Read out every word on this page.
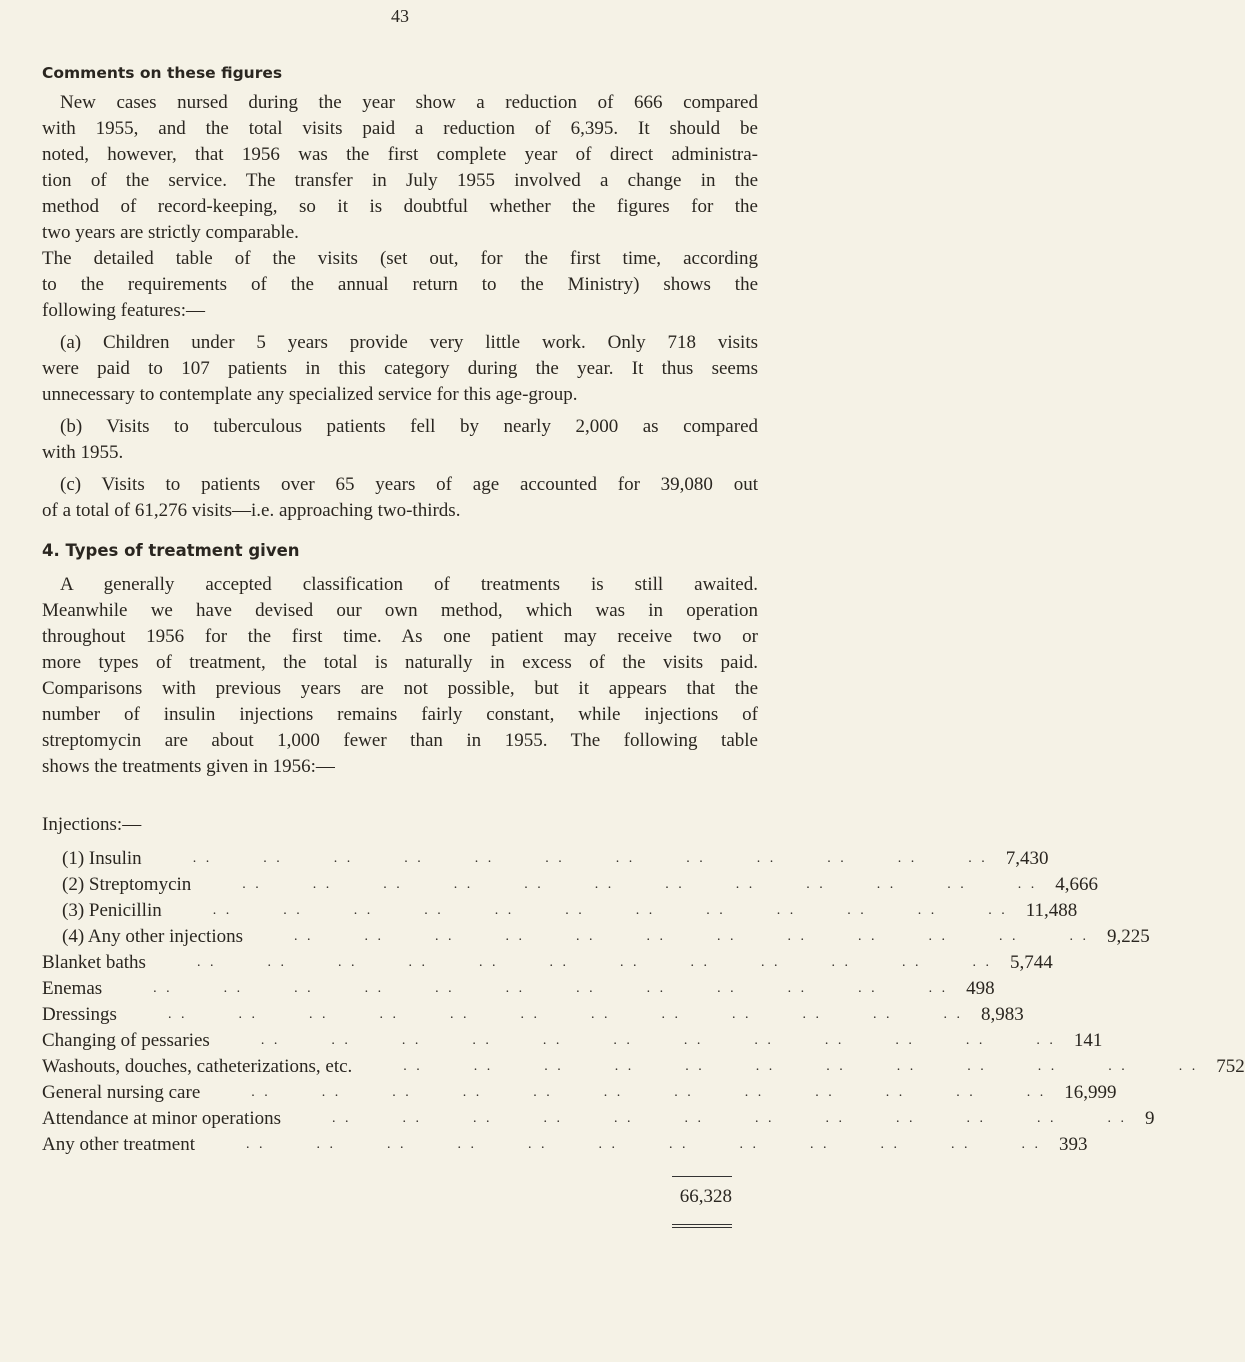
43
Comments on these figures
New cases nursed during the year show a reduction of 666 compared
with 1955, and the total visits paid a reduction of 6,395. It should be
noted, however, that 1956 was the first complete year of direct administra-
tion of the service. The transfer in July 1955 involved a change in the
method of record-keeping, so it is doubtful whether the figures for the
two years are strictly comparable.
The detailed table of the visits (set out, for the first time, according
to the requirements of the annual return to the Ministry) shows the
following features:—
(a) Children under 5 years provide very little work. Only 718 visits
were paid to 107 patients in this category during the year. It thus seems
unnecessary to contemplate any specialized service for this age-group.
(b) Visits to tuberculous patients fell by nearly 2,000 as compared
with 1955.
(c) Visits to patients over 65 years of age accounted for 39,080 out
of a total of 61,276 visits—i.e. approaching two-thirds.
4. Types of treatment given
A generally accepted classification of treatments is still awaited.
Meanwhile we have devised our own method, which was in operation
throughout 1956 for the first time. As one patient may receive two or
more types of treatment, the total is naturally in excess of the visits paid.
Comparisons with previous years are not possible, but it appears that the
number of insulin injections remains fairly constant, while injections of
streptomycin are about 1,000 fewer than in 1955. The following table
shows the treatments given in 1956:—
Injections:—
(1) Insulin . .   . .   . .   . .   . .   . .   . .   . .   . .   . .   . .   . .    7,430
(2) Streptomycin . .   . .   . .   . .   . .   . .   . .   . .   . .   . .   . .   . .    4,666
(3) Penicillin . .   . .   . .   . .   . .   . .   . .   . .   . .   . .   . .   . .    11,488
(4) Any other injections . .   . .   . .   . .   . .   . .   . .   . .   . .   . .   . .   . .    9,225
Blanket baths . .   . .   . .   . .   . .   . .   . .   . .   . .   . .   . .   . .    5,744
Enemas . .   . .   . .   . .   . .   . .   . .   . .   . .   . .   . .   . .    498
Dressings . .   . .   . .   . .   . .   . .   . .   . .   . .   . .   . .   . .    8,983
Changing of pessaries . .   . .   . .   . .   . .   . .   . .   . .   . .   . .   . .   . .    141
Washouts, douches, catheterizations, etc. . .   . .   . .   . .   . .   . .   . .   . .   . .   . .   . .   . .    752
General nursing care . .   . .   . .   . .   . .   . .   . .   . .   . .   . .   . .   . .    16,999
Attendance at minor operations . .   . .   . .   . .   . .   . .   . .   . .   . .   . .   . .   . .    9
Any other treatment . .   . .   . .   . .   . .   . .   . .   . .   . .   . .   . .   . .    393
66,328
